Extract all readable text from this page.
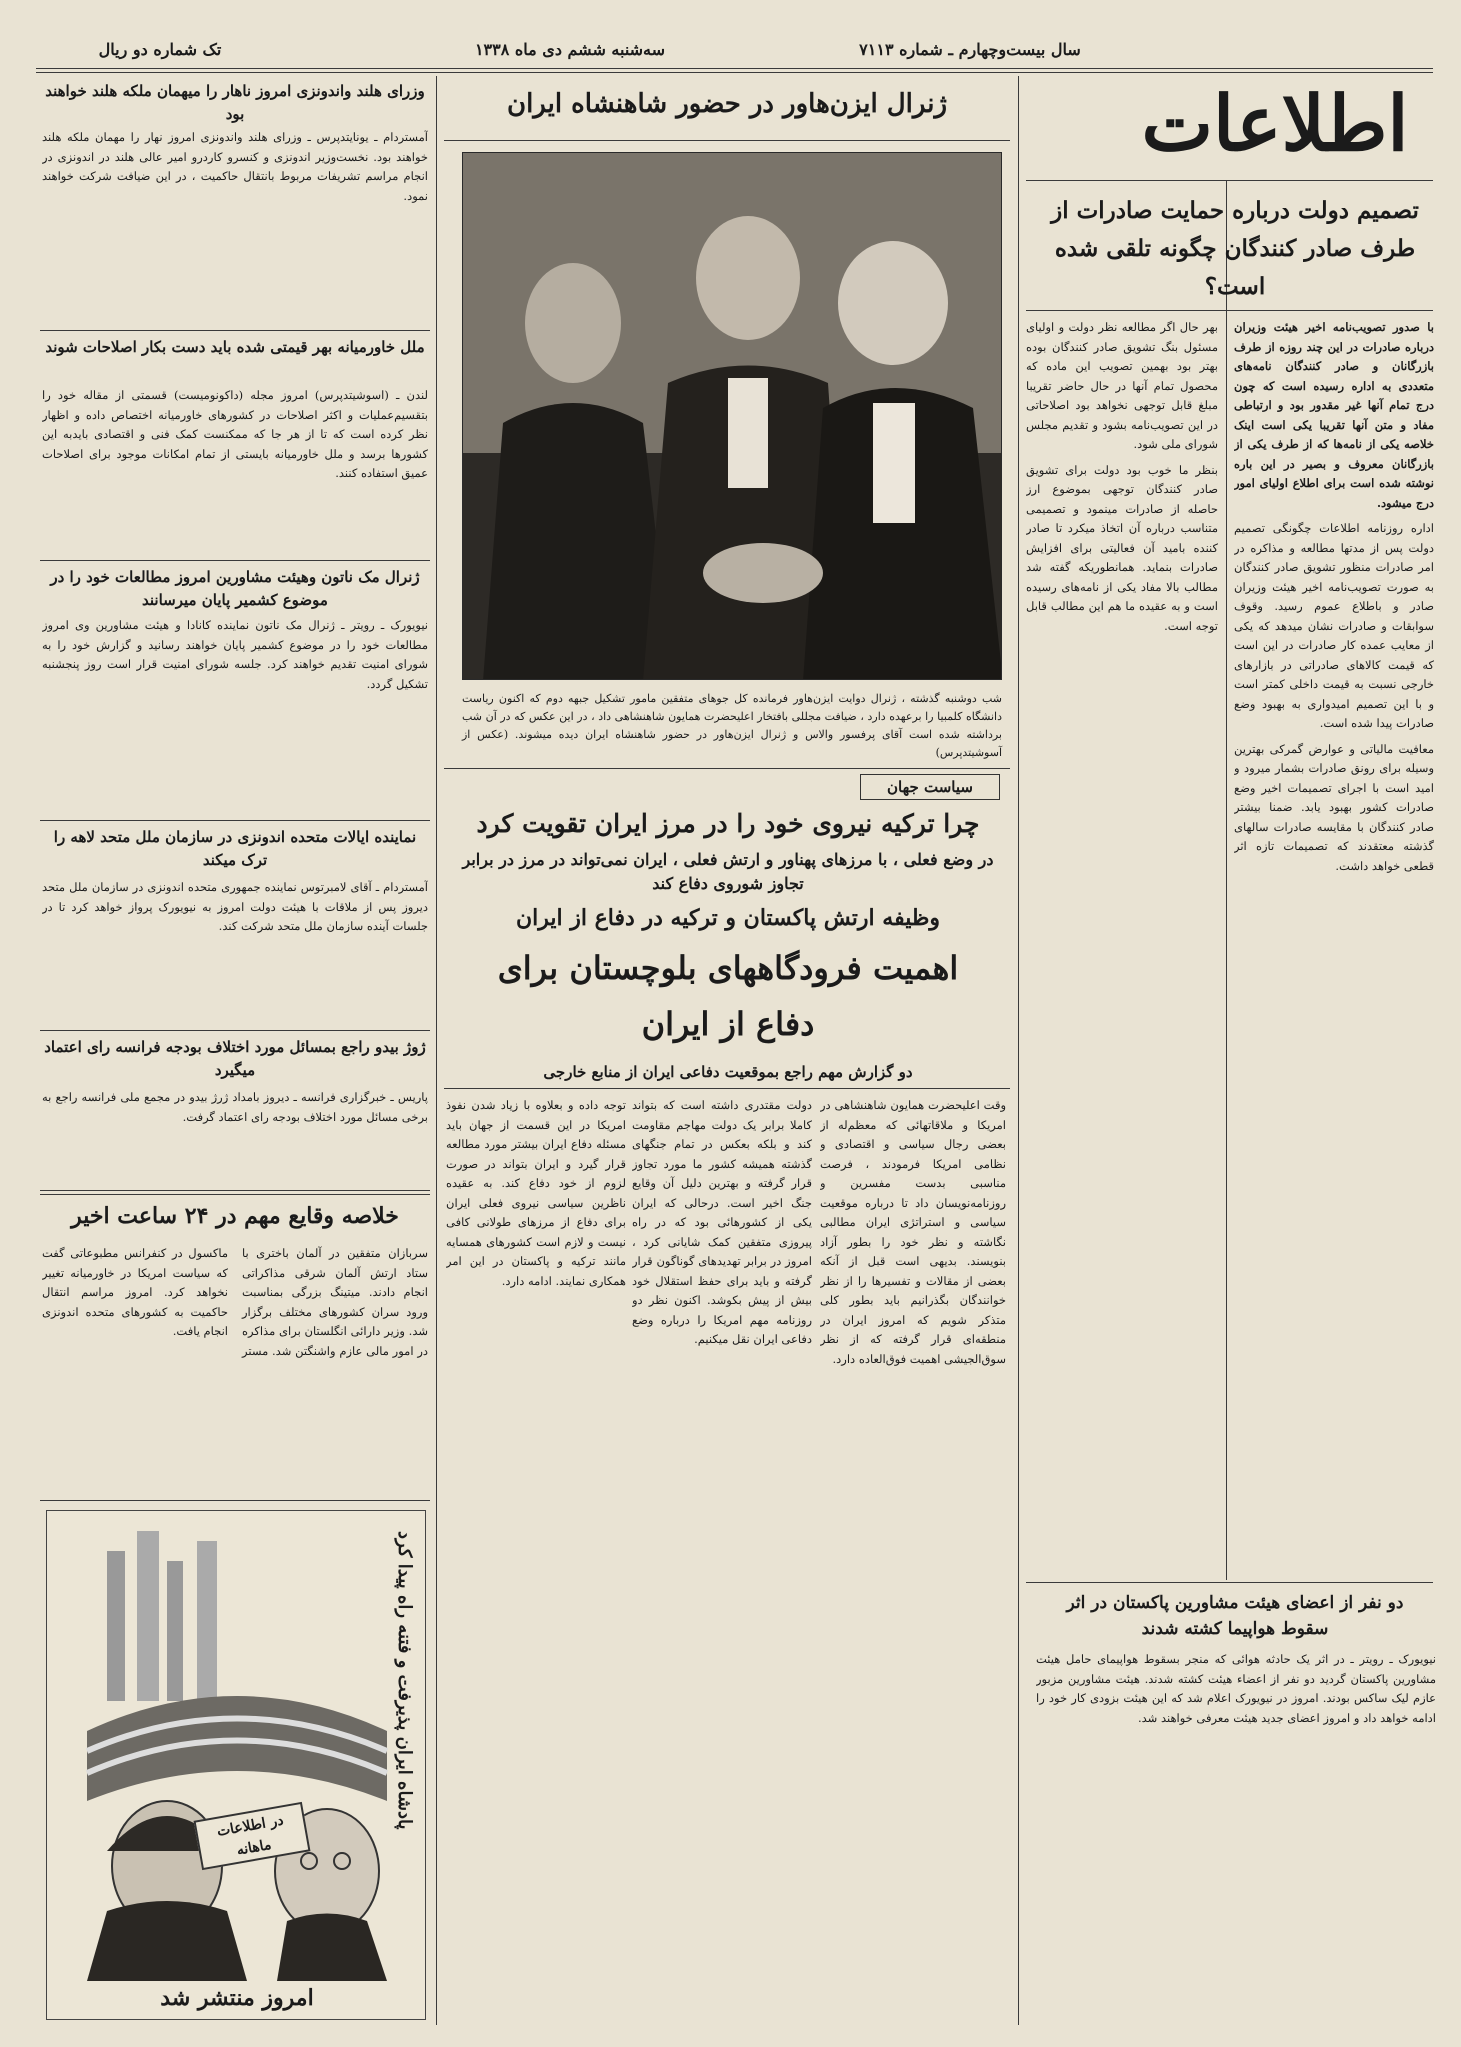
تک شماره دو ریال	سه‌شنبه ششم دی ماه ۱۳۳۸	سال بیست‌وچهارم ـ شماره ۷۱۱۳
اطلاعات
تصمیم دولت درباره حمایت صادرات از طرف صادر کنندگان چگونه تلقی شده است؟

با صدور تصویب‌نامه اخیر هیئت وزیران درباره صادرات در این چند روزه از طرف بازرگانان و صادر کنندگان نامه‌های متعددی به اداره رسیده است که چون درج تمام آنها غیر مقدور بود و ارتباطی مفاد و متن آنها تقریبا یکی است اینک خلاصه یکی از نامه‌ها که از طرف یکی از بازرگانان معروف و بصیر در این باره نوشته شده است برای اطلاع اولیای امور درج میشود.

اداره روزنامه اطلاعات چگونگی تصمیم دولت پس از مدتها مطالعه و مذاکره در امر صادرات منظور تشویق صادر کنندگان به صورت تصویب‌نامه اخیر هیئت وزیران صادر و باطلاع عموم رسید. وقوف سوابقات و صادرات نشان میدهد که یکی از معایب عمده کار صادرات در این است که قیمت کالاهای صادراتی در بازارهای خارجی نسبت به قیمت داخلی کمتر است و با این تصمیم امیدواری به بهبود وضع صادرات پیدا شده است.

معافیت مالیاتی و عوارض گمرکی بهترین وسیله برای رونق صادرات بشمار میرود و امید است با اجرای تصمیمات اخیر وضع صادرات کشور بهبود یابد. ضمنا بیشتر صادر کنندگان با مقایسه صادرات سالهای گذشته معتقدند که تصمیمات تازه اثر قطعی خواهد داشت.

بهر حال اگر مطالعه نظر دولت و اولیای مسئول بنگ تشویق صادر کنندگان بوده بهتر بود بهمین تصویب این ماده که محصول تمام آنها در حال حاضر تقریبا مبلغ قابل توجهی نخواهد بود اصلاحاتی در این تصویب‌نامه بشود و تقدیم مجلس شورای ملی شود.

بنظر ما خوب بود دولت برای تشویق صادر کنندگان توجهی بموضوع ارز حاصله از صادرات مینمود و تصمیمی متناسب درباره آن اتخاذ میکرد تا صادر کننده بامید آن فعالیتی برای افزایش صادرات بنماید. همانطوریکه گفته شد مطالب بالا مفاد یکی از نامه‌های رسیده است و به عقیده ما هم این مطالب قابل توجه است.

دو نفر از اعضای هیئت مشاورین پاکستان در اثر سقوط هواپیما کشته شدند
نیویورک ـ رویتر ـ در اثر یک حادثه هوائی که منجر بسقوط هواپیمای حامل هیئت مشاورین پاکستان گردید دو نفر از اعضاء هیئت کشته شدند. هیئت مشاورین مزبور عازم لیک ساکس بودند. امروز در نیویورک اعلام شد که این هیئت بزودی کار خود را ادامه خواهد داد و امروز اعضای جدید هیئت معرفی خواهند شد.
ژنرال ایزن‌هاور در حضور شاهنشاه ایران
شب دوشنبه گذشته ، ژنرال دوایت ایزن‌هاور فرمانده کل جوهای متفقین مامور تشکیل جبهه دوم که اکنون ریاست دانشگاه کلمبیا را برعهده دارد ، ضیافت مجللی بافتخار اعلیحضرت همایون شاهنشاهی داد ، در این عکس که در آن شب برداشته شده است آقای پرفسور والاس و ژنرال ایزن‌هاور در حضور شاهنشاه ایران دیده میشوند. (عکس از آسوشیتدپرس)
سیاست جهان
چرا ترکیه نیروی خود را در مرز ایران تقویت کرد
در وضع فعلی ، با مرزهای پهناور و ارتش فعلی ، ایران نمی‌تواند در مرز در برابر تجاوز شوروی دفاع کند
وظیفه ارتش پاکستان و ترکیه در دفاع از ایران
اهمیت فرودگاههای بلوچستان برای دفاع از ایران
دو گزارش مهم راجع بموقعیت دفاعی ایران از منابع خارجی
وقت اعلیحضرت همایون شاهنشاهی در امریکا و ملاقاتهائی که معظم‌له از بعضی رجال سیاسی و اقتصادی و نظامی امریکا فرمودند ، فرصت مناسبی بدست مفسرین و روزنامه‌نویسان داد تا درباره موقعیت سیاسی و استراتژی ایران مطالبی نگاشته و نظر خود را بطور آزاد بنویسند. بدیهی است قبل از آنکه بعضی از مقالات و تفسیرها را از نظر خوانندگان بگذرانیم باید بطور کلی متذکر شویم که امروز ایران در منطقه‌ای قرار گرفته که از نظر سوق‌الجیشی اهمیت فوق‌العاده دارد.
دولت مقتدری داشته است که بتواند کاملا برابر یک دولت مهاجم مقاومت کند و بلکه بعکس در تمام جنگهای گذشته همیشه کشور ما مورد تجاوز قرار گرفته و بهترین دلیل آن وقایع جنگ اخیر است. درحالی که ایران یکی از کشورهائی بود که در راه پیروزی متفقین کمک شایانی کرد ، امروز در برابر تهدیدهای گوناگون قرار گرفته و باید برای حفظ استقلال خود بیش از پیش بکوشد. اکنون نظر دو روزنامه مهم امریکا را درباره وضع دفاعی ایران نقل میکنیم.
توجه داده و بعلاوه با زیاد شدن نفوذ امریکا در این قسمت از جهان باید مسئله دفاع ایران بیشتر مورد مطالعه قرار گیرد و ایران بتواند در صورت لزوم از خود دفاع کند. به عقیده ناظرین سیاسی نیروی فعلی ایران برای دفاع از مرزهای طولانی کافی نیست و لازم است کشورهای همسایه مانند ترکیه و پاکستان در این امر همکاری نمایند. ادامه دارد.
وزرای هلند واندونزی امروز ناهار را میهمان ملکه هلند خواهند بود
آمستردام ـ یونایتدپرس ـ وزرای هلند واندونزی امروز نهار را مهمان ملکه هلند خواهند بود. نخست‌وزیر اندونزی و کنسرو کاردرو امیر عالی هلند در اندونزی در انجام مراسم تشریفات مربوط بانتقال حاکمیت ، در این ضیافت شرکت خواهند نمود.
ملل خاورمیانه بهر قیمتی شده باید دست بکار اصلاحات شوند
لندن ـ (اسوشیتدپرس) امروز مجله (داکونومیست) قسمتی از مقاله خود را بتقسیم‌عملیات و اکثر اصلاحات در کشورهای خاورمیانه اختصاص داده و اظهار نظر کرده است که تا از هر جا که ممکنست کمک فنی و اقتصادی بایدبه این کشورها برسد و ملل خاورمیانه بایستی از تمام امکانات موجود برای اصلاحات عمیق استفاده کنند.
ژنرال مک ناتون وهیئت مشاورین امروز مطالعات خود را در موضوع کشمیر پایان میرسانند
نیویورک ـ رویتر ـ ژنرال مک ناتون نماینده کانادا و هیئت مشاورین وی امروز مطالعات خود را در موضوع کشمیر پایان خواهند رسانید و گزارش خود را به شورای امنیت تقدیم خواهند کرد. جلسه شورای امنیت قرار است روز پنجشنبه تشکیل گردد.
نماینده ایالات متحده اندونزی در سازمان ملل متحد لاهه را ترک میکند
آمستردام ـ آقای لامبرتوس نماینده جمهوری متحده اندونزی در سازمان ملل متحد دیروز پس از ملاقات با هیئت دولت امروز به نیویورک پرواز خواهد کرد تا در جلسات آینده سازمان ملل متحد شرکت کند.
ژوژ بیدو راجع بمسائل مورد اختلاف بودجه فرانسه رای اعتماد میگیرد
پاریس ـ خبرگزاری فرانسه ـ دیروز بامداد ژرژ بیدو در مجمع ملی فرانسه راجع به برخی مسائل مورد اختلاف بودجه رای اعتماد گرفت.
خلاصه وقایع مهم در ۲۴ ساعت اخیر
سربازان متفقین در آلمان باختری با ستاد ارتش آلمان شرقی مذاکراتی انجام دادند. میتینگ بزرگی بمناسبت ورود سران کشورهای مختلف برگزار شد. وزیر دارائی انگلستان برای مذاکره در امور مالی عازم واشنگتن شد. مستر ماکسول در کنفرانس مطبوعاتی گفت که سیاست امریکا در خاورمیانه تغییر نخواهد کرد. امروز مراسم انتقال حاکمیت به کشورهای متحده اندونزی انجام یافت.
پادشاه ایران پذیرفت و فتنه راه پیدا کرد
در اطلاعات ماهانه
امروز منتشر شد
